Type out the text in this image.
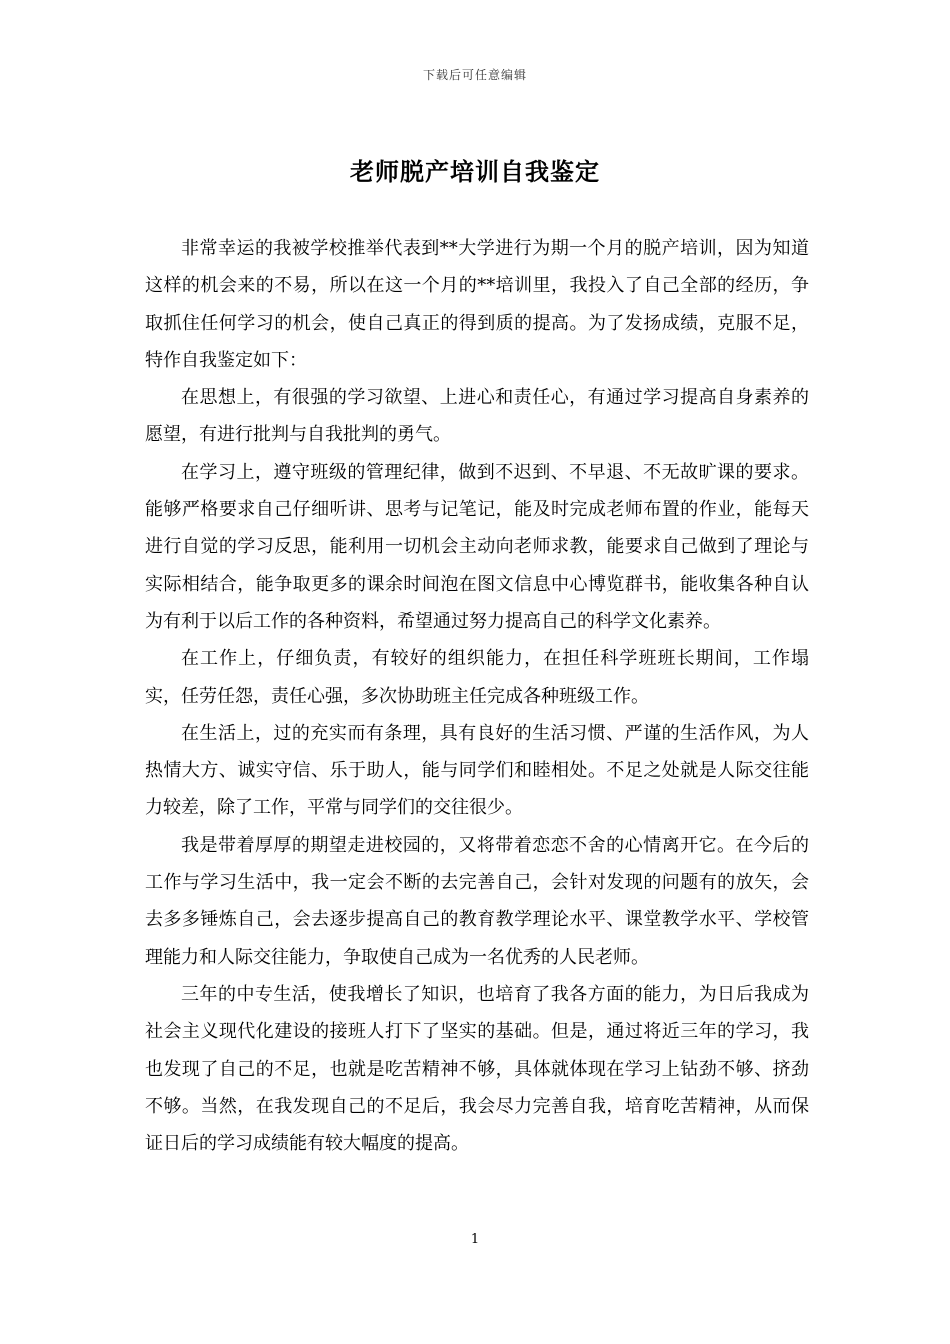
下载后可任意编辑
老师脱产培训自我鉴定

非常幸运的我被学校推举代表到**大学进行为期一个月的脱产培训，因为知道这样的机会来的不易，所以在这一个月的**培训里，我投入了自己全部的经历，争取抓住任何学习的机会，使自己真正的得到质的提高。为了发扬成绩，克服不足，特作自我鉴定如下：

在思想上，有很强的学习欲望、上进心和责任心，有通过学习提高自身素养的愿望，有进行批判与自我批判的勇气。

在学习上，遵守班级的管理纪律，做到不迟到、不早退、不无故旷课的要求。能够严格要求自己仔细听讲、思考与记笔记，能及时完成老师布置的作业，能每天进行自觉的学习反思，能利用一切机会主动向老师求教，能要求自己做到了理论与实际相结合，能争取更多的课余时间泡在图文信息中心博览群书，能收集各种自认为有利于以后工作的各种资料，希望通过努力提高自己的科学文化素养。

在工作上，仔细负责，有较好的组织能力，在担任科学班班长期间，工作塌实，任劳任怨，责任心强，多次协助班主任完成各种班级工作。

在生活上，过的充实而有条理，具有良好的生活习惯、严谨的生活作风，为人热情大方、诚实守信、乐于助人，能与同学们和睦相处。不足之处就是人际交往能力较差，除了工作，平常与同学们的交往很少。

我是带着厚厚的期望走进校园的，又将带着恋恋不舍的心情离开它。在今后的工作与学习生活中，我一定会不断的去完善自己，会针对发现的问题有的放矢，会去多多锤炼自己，会去逐步提高自己的教育教学理论水平、课堂教学水平、学校管理能力和人际交往能力，争取使自己成为一名优秀的人民老师。

三年的中专生活，使我增长了知识，也培育了我各方面的能力，为日后我成为社会主义现代化建设的接班人打下了坚实的基础。但是，通过将近三年的学习，我也发现了自己的不足，也就是吃苦精神不够，具体就体现在学习上钻劲不够、挤劲不够。当然，在我发现自己的不足后，我会尽力完善自我，培育吃苦精神，从而保证日后的学习成绩能有较大幅度的提高。

1
